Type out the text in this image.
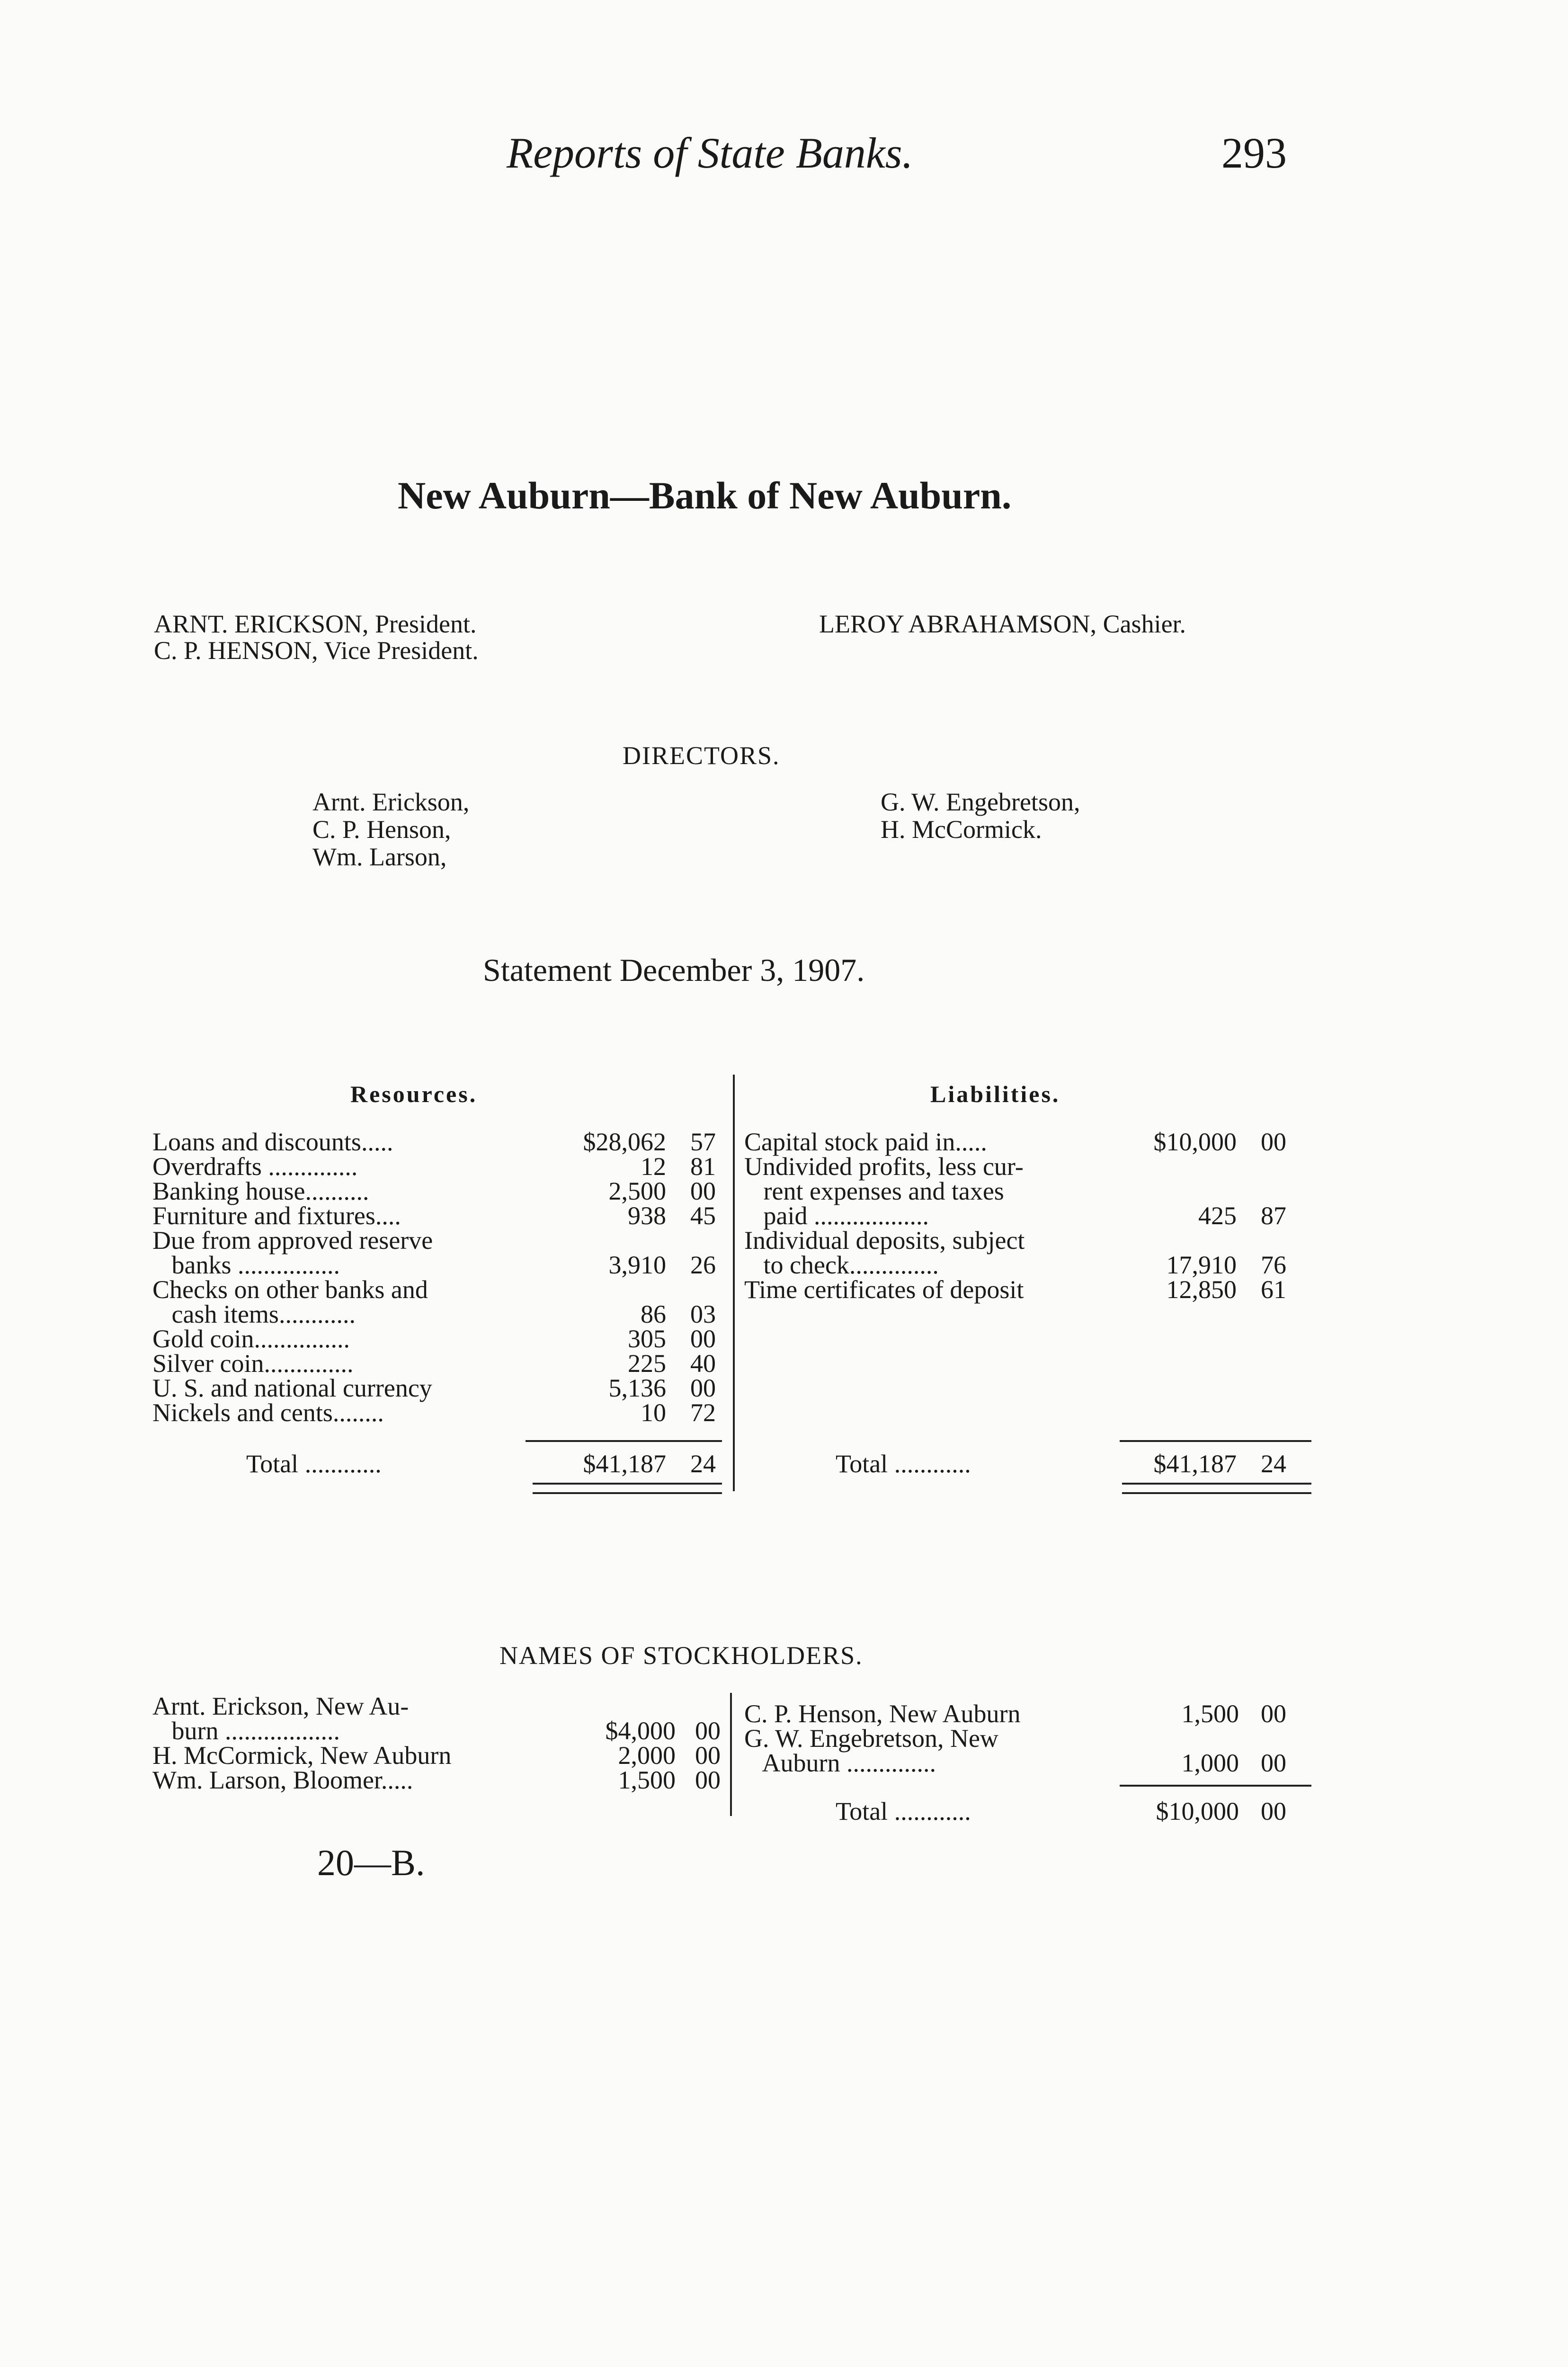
Reports of State Banks.	293
New Auburn—Bank of New Auburn.
ARNT. ERICKSON, President.
C. P. HENSON, Vice President.
LEROY ABRAHAMSON, Cashier.
DIRECTORS.
Arnt. Erickson,
C. P. Henson,
Wm. Larson,
G. W. Engebretson,
H. McCormick.
Statement December 3, 1907.
Resources.	Liabilities.
Loans and discounts.....	$28,062 57
Overdrafts ..............	12 81
Banking house..........	2,500 00
Furniture and fixtures....	938 45
Due from approved reserve
banks ................	3,910 26
Checks on other banks and
cash items............	86 03
Gold coin...............	305 00
Silver coin..............	225 40
U. S. and national currency	5,136 00
Nickels and cents........	10 72
Total ............	$41,187 24
Capital stock paid in.....	$10,000 00
Undivided profits, less cur-
rent expenses and taxes
paid ..................	425 87
Individual deposits, subject
to check..............	17,910 76
Time certificates of deposit	12,850 61
Total ............	$41,187 24
NAMES OF STOCKHOLDERS.
Arnt. Erickson, New Au-
burn ..................	$4,000 00
H. McCormick, New Auburn	2,000 00
Wm. Larson, Bloomer.....	1,500 00
C. P. Henson, New Auburn	1,500 00
G. W. Engebretson, New
Auburn ..............	1,000 00
Total ............	$10,000 00
20—B.
